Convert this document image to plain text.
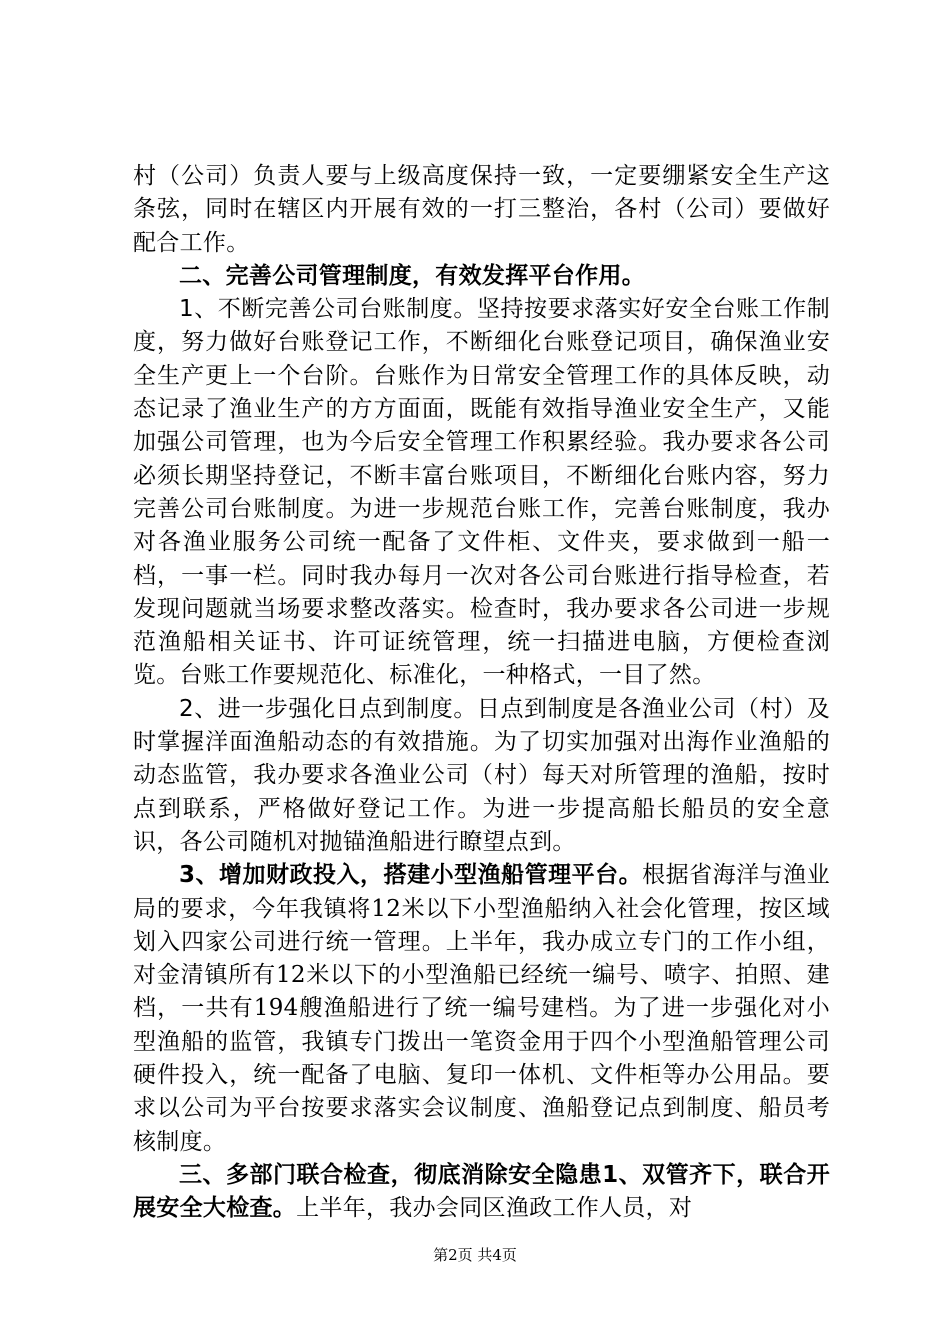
村（公司）负责人要与上级高度保持一致，一定要绷紧安全生产这条弦，同时在辖区内开展有效的一打三整治，各村（公司）要做好配合工作。

二、完善公司管理制度，有效发挥平台作用。

1、不断完善公司台账制度。坚持按要求落实好安全台账工作制度，努力做好台账登记工作，不断细化台账登记项目，确保渔业安全生产更上一个台阶。台账作为日常安全管理工作的具体反映，动态记录了渔业生产的方方面面，既能有效指导渔业安全生产，又能加强公司管理，也为今后安全管理工作积累经验。我办要求各公司必须长期坚持登记，不断丰富台账项目，不断细化台账内容，努力完善公司台账制度。为进一步规范台账工作，完善台账制度，我办对各渔业服务公司统一配备了文件柜、文件夹，要求做到一船一档，一事一栏。同时我办每月一次对各公司台账进行指导检查，若发现问题就当场要求整改落实。检查时，我办要求各公司进一步规范渔船相关证书、许可证统管理，统一扫描进电脑，方便检查浏览。台账工作要规范化、标准化，一种格式，一目了然。

2、进一步强化日点到制度。日点到制度是各渔业公司（村）及时掌握洋面渔船动态的有效措施。为了切实加强对出海作业渔船的动态监管，我办要求各渔业公司（村）每天对所管理的渔船，按时点到联系，严格做好登记工作。为进一步提高船长船员的安全意识，各公司随机对抛锚渔船进行瞭望点到。

3、增加财政投入，搭建小型渔船管理平台。根据省海洋与渔业局的要求，今年我镇将12米以下小型渔船纳入社会化管理，按区域划入四家公司进行统一管理。上半年，我办成立专门的工作小组，对金清镇所有12米以下的小型渔船已经统一编号、喷字、拍照、建档，一共有194艘渔船进行了统一编号建档。为了进一步强化对小型渔船的监管，我镇专门拨出一笔资金用于四个小型渔船管理公司硬件投入，统一配备了电脑、复印一体机、文件柜等办公用品。要求以公司为平台按要求落实会议制度、渔船登记点到制度、船员考核制度。

三、多部门联合检查，彻底消除安全隐患1、双管齐下，联合开展安全大检查。上半年，我办会同区渔政工作人员，对

第2页 共4页
